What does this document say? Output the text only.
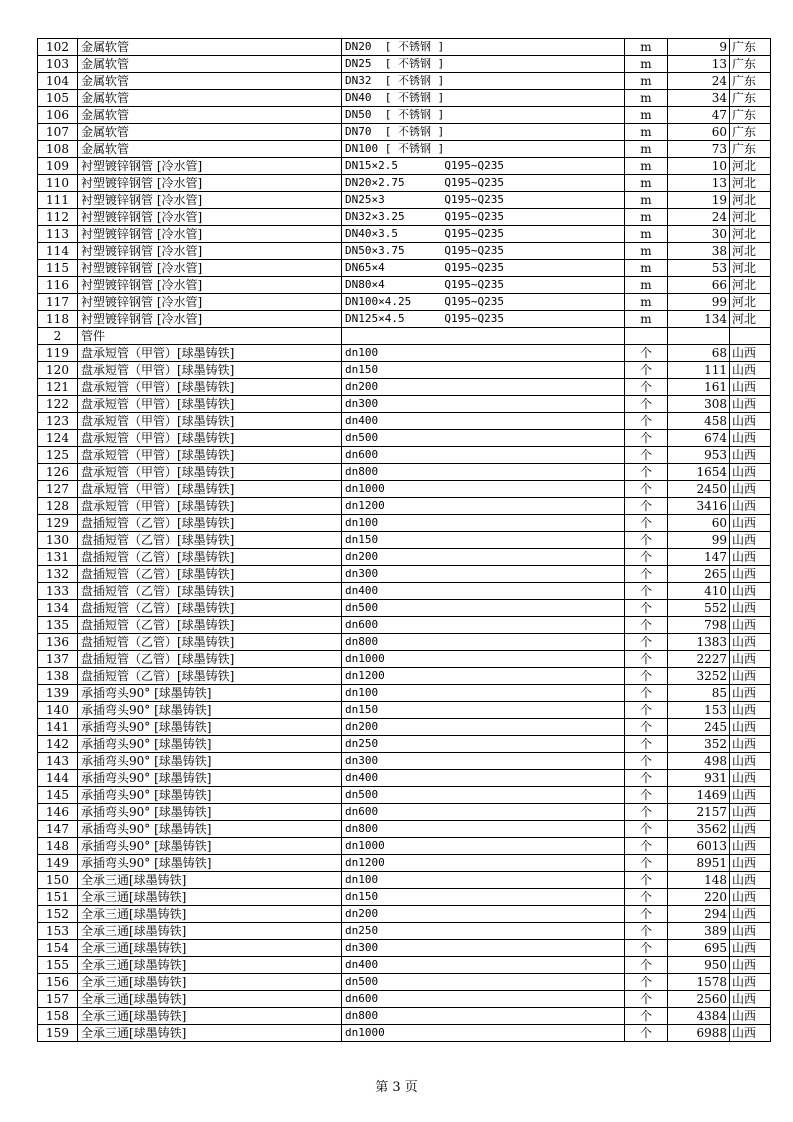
102	金属软管	DN20  [ 不锈钢 ]	m	9	广东
103	金属软管	DN25  [ 不锈钢 ]	m	13	广东
104	金属软管	DN32  [ 不锈钢 ]	m	24	广东
105	金属软管	DN40  [ 不锈钢 ]	m	34	广东
106	金属软管	DN50  [ 不锈钢 ]	m	47	广东
107	金属软管	DN70  [ 不锈钢 ]	m	60	广东
108	金属软管	DN100 [ 不锈钢 ]	m	73	广东
109	衬塑镀锌钢管 [冷水管]	DN15×2.5       Q195~Q235	m	10	河北
110	衬塑镀锌钢管 [冷水管]	DN20×2.75      Q195~Q235	m	13	河北
111	衬塑镀锌钢管 [冷水管]	DN25×3         Q195~Q235	m	19	河北
112	衬塑镀锌钢管 [冷水管]	DN32×3.25      Q195~Q235	m	24	河北
113	衬塑镀锌钢管 [冷水管]	DN40×3.5       Q195~Q235	m	30	河北
114	衬塑镀锌钢管 [冷水管]	DN50×3.75      Q195~Q235	m	38	河北
115	衬塑镀锌钢管 [冷水管]	DN65×4         Q195~Q235	m	53	河北
116	衬塑镀锌钢管 [冷水管]	DN80×4         Q195~Q235	m	66	河北
117	衬塑镀锌钢管 [冷水管]	DN100×4.25     Q195~Q235	m	99	河北
118	衬塑镀锌钢管 [冷水管]	DN125×4.5      Q195~Q235	m	134	河北
2	管件				
119	盘承短管（甲管）[球墨铸铁]	dn100	个	68	山西
120	盘承短管（甲管）[球墨铸铁]	dn150	个	111	山西
121	盘承短管（甲管）[球墨铸铁]	dn200	个	161	山西
122	盘承短管（甲管）[球墨铸铁]	dn300	个	308	山西
123	盘承短管（甲管）[球墨铸铁]	dn400	个	458	山西
124	盘承短管（甲管）[球墨铸铁]	dn500	个	674	山西
125	盘承短管（甲管）[球墨铸铁]	dn600	个	953	山西
126	盘承短管（甲管）[球墨铸铁]	dn800	个	1654	山西
127	盘承短管（甲管）[球墨铸铁]	dn1000	个	2450	山西
128	盘承短管（甲管）[球墨铸铁]	dn1200	个	3416	山西
129	盘插短管（乙管）[球墨铸铁]	dn100	个	60	山西
130	盘插短管（乙管）[球墨铸铁]	dn150	个	99	山西
131	盘插短管（乙管）[球墨铸铁]	dn200	个	147	山西
132	盘插短管（乙管）[球墨铸铁]	dn300	个	265	山西
133	盘插短管（乙管）[球墨铸铁]	dn400	个	410	山西
134	盘插短管（乙管）[球墨铸铁]	dn500	个	552	山西
135	盘插短管（乙管）[球墨铸铁]	dn600	个	798	山西
136	盘插短管（乙管）[球墨铸铁]	dn800	个	1383	山西
137	盘插短管（乙管）[球墨铸铁]	dn1000	个	2227	山西
138	盘插短管（乙管）[球墨铸铁]	dn1200	个	3252	山西
139	承插弯头90° [球墨铸铁]	dn100	个	85	山西
140	承插弯头90° [球墨铸铁]	dn150	个	153	山西
141	承插弯头90° [球墨铸铁]	dn200	个	245	山西
142	承插弯头90° [球墨铸铁]	dn250	个	352	山西
143	承插弯头90° [球墨铸铁]	dn300	个	498	山西
144	承插弯头90° [球墨铸铁]	dn400	个	931	山西
145	承插弯头90° [球墨铸铁]	dn500	个	1469	山西
146	承插弯头90° [球墨铸铁]	dn600	个	2157	山西
147	承插弯头90° [球墨铸铁]	dn800	个	3562	山西
148	承插弯头90° [球墨铸铁]	dn1000	个	6013	山西
149	承插弯头90° [球墨铸铁]	dn1200	个	8951	山西
150	全承三通[球墨铸铁]	dn100	个	148	山西
151	全承三通[球墨铸铁]	dn150	个	220	山西
152	全承三通[球墨铸铁]	dn200	个	294	山西
153	全承三通[球墨铸铁]	dn250	个	389	山西
154	全承三通[球墨铸铁]	dn300	个	695	山西
155	全承三通[球墨铸铁]	dn400	个	950	山西
156	全承三通[球墨铸铁]	dn500	个	1578	山西
157	全承三通[球墨铸铁]	dn600	个	2560	山西
158	全承三通[球墨铸铁]	dn800	个	4384	山西
159	全承三通[球墨铸铁]	dn1000	个	6988	山西
第 3 页
